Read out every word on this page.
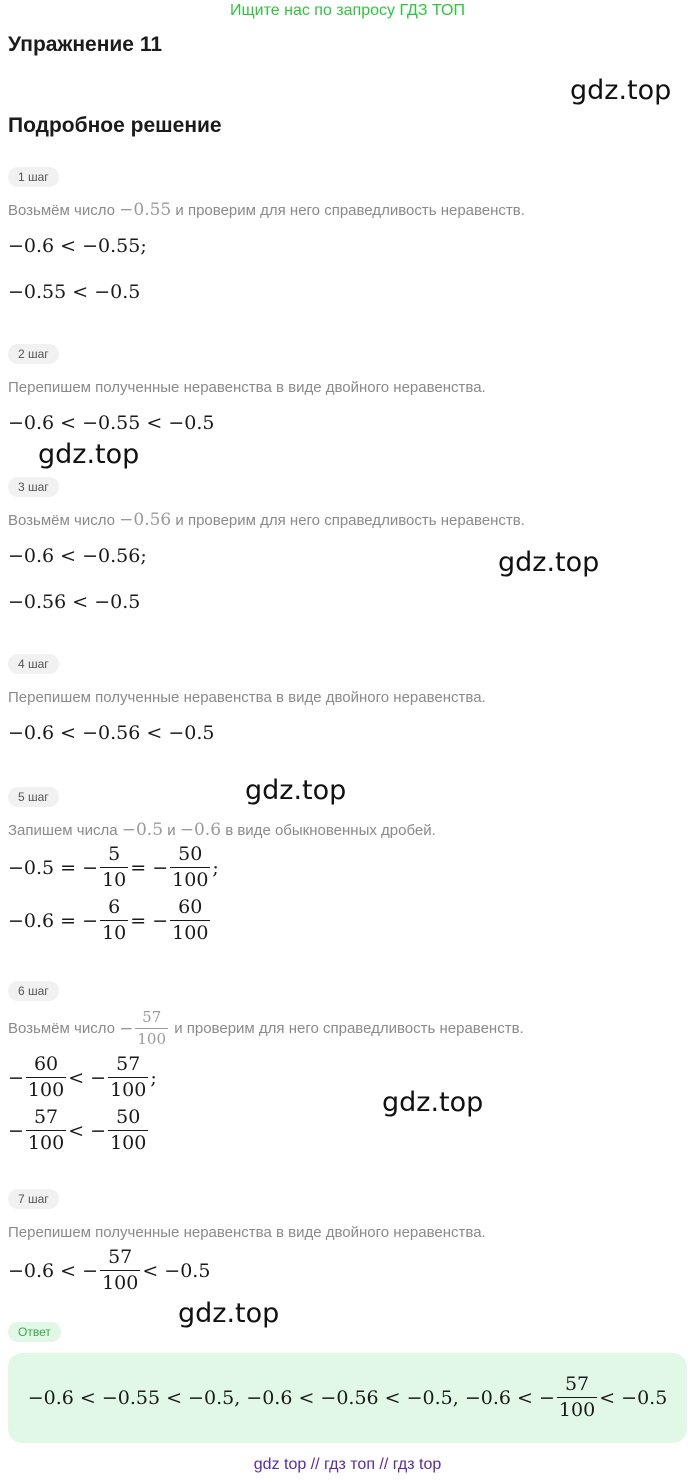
Ищите нас по запросу ГДЗ ТОП
Упражнение 11
Подробное решение
gdz.top
gdz.top
gdz.top
gdz.top
gdz.top
gdz.top
1 шаг
Возьмём число −0.55 и проверим для него справедливость неравенств.
−0.6 < −0.55;
−0.55 < −0.5
2 шаг
Перепишем полученные неравенства в виде двойного неравенства.
−0.6 < −0.55 < −0.5
3 шаг
Возьмём число −0.56 и проверим для него справедливость неравенств.
−0.6 < −0.56;
−0.56 < −0.5
4 шаг
Перепишем полученные неравенства в виде двойного неравенства.
−0.6 < −0.56 < −0.5
5 шаг
Запишем числа −0.5 и −0.6 в виде обыкновенных дробей.
−0.5 = − $\frac{5}{10}$ = − $\frac{50}{100}$ ;
−0.6 = − $\frac{6}{10}$ = − $\frac{60}{100}$
6 шаг
Возьмём число
− $\frac{57}{100}$
и проверим для него справедливость неравенств.
− $\frac{60}{100}$ < − $\frac{57}{100}$ ;
− $\frac{57}{100}$ < − $\frac{50}{100}$
7 шаг
Перепишем полученные неравенства в виде двойного неравенства.
−0.6 < − $\frac{57}{100} < -0.5$
Ответ
−0.6 < −0.55 < −0.5, −0.6 < −0.56 < −0.5, −0.6 < − $\frac{57}{100} < -0.5$
gdz top // гдз топ // гдз top
